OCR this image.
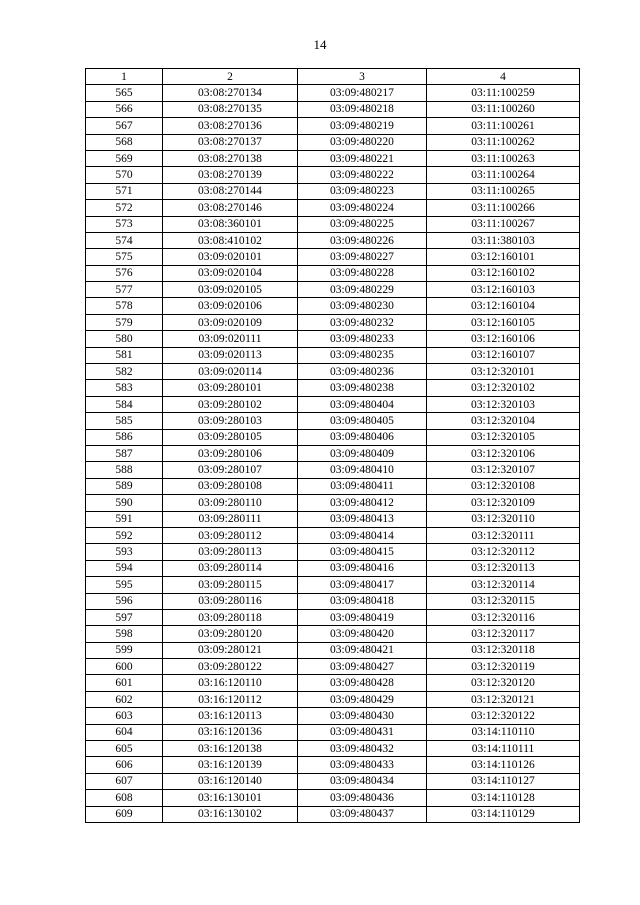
14
1	2	3	4
565	03:08:270134	03:09:480217	03:11:100259
566	03:08:270135	03:09:480218	03:11:100260
567	03:08:270136	03:09:480219	03:11:100261
568	03:08:270137	03:09:480220	03:11:100262
569	03:08:270138	03:09:480221	03:11:100263
570	03:08:270139	03:09:480222	03:11:100264
571	03:08:270144	03:09:480223	03:11:100265
572	03:08:270146	03:09:480224	03:11:100266
573	03:08:360101	03:09:480225	03:11:100267
574	03:08:410102	03:09:480226	03:11:380103
575	03:09:020101	03:09:480227	03:12:160101
576	03:09:020104	03:09:480228	03:12:160102
577	03:09:020105	03:09:480229	03:12:160103
578	03:09:020106	03:09:480230	03:12:160104
579	03:09:020109	03:09:480232	03:12:160105
580	03:09:020111	03:09:480233	03:12:160106
581	03:09:020113	03:09:480235	03:12:160107
582	03:09:020114	03:09:480236	03:12:320101
583	03:09:280101	03:09:480238	03:12:320102
584	03:09:280102	03:09:480404	03:12:320103
585	03:09:280103	03:09:480405	03:12:320104
586	03:09:280105	03:09:480406	03:12:320105
587	03:09:280106	03:09:480409	03:12:320106
588	03:09:280107	03:09:480410	03:12:320107
589	03:09:280108	03:09:480411	03:12:320108
590	03:09:280110	03:09:480412	03:12:320109
591	03:09:280111	03:09:480413	03:12:320110
592	03:09:280112	03:09:480414	03:12:320111
593	03:09:280113	03:09:480415	03:12:320112
594	03:09:280114	03:09:480416	03:12:320113
595	03:09:280115	03:09:480417	03:12:320114
596	03:09:280116	03:09:480418	03:12:320115
597	03:09:280118	03:09:480419	03:12:320116
598	03:09:280120	03:09:480420	03:12:320117
599	03:09:280121	03:09:480421	03:12:320118
600	03:09:280122	03:09:480427	03:12:320119
601	03:16:120110	03:09:480428	03:12:320120
602	03:16:120112	03:09:480429	03:12:320121
603	03:16:120113	03:09:480430	03:12:320122
604	03:16:120136	03:09:480431	03:14:110110
605	03:16:120138	03:09:480432	03:14:110111
606	03:16:120139	03:09:480433	03:14:110126
607	03:16:120140	03:09:480434	03:14:110127
608	03:16:130101	03:09:480436	03:14:110128
609	03:16:130102	03:09:480437	03:14:110129
